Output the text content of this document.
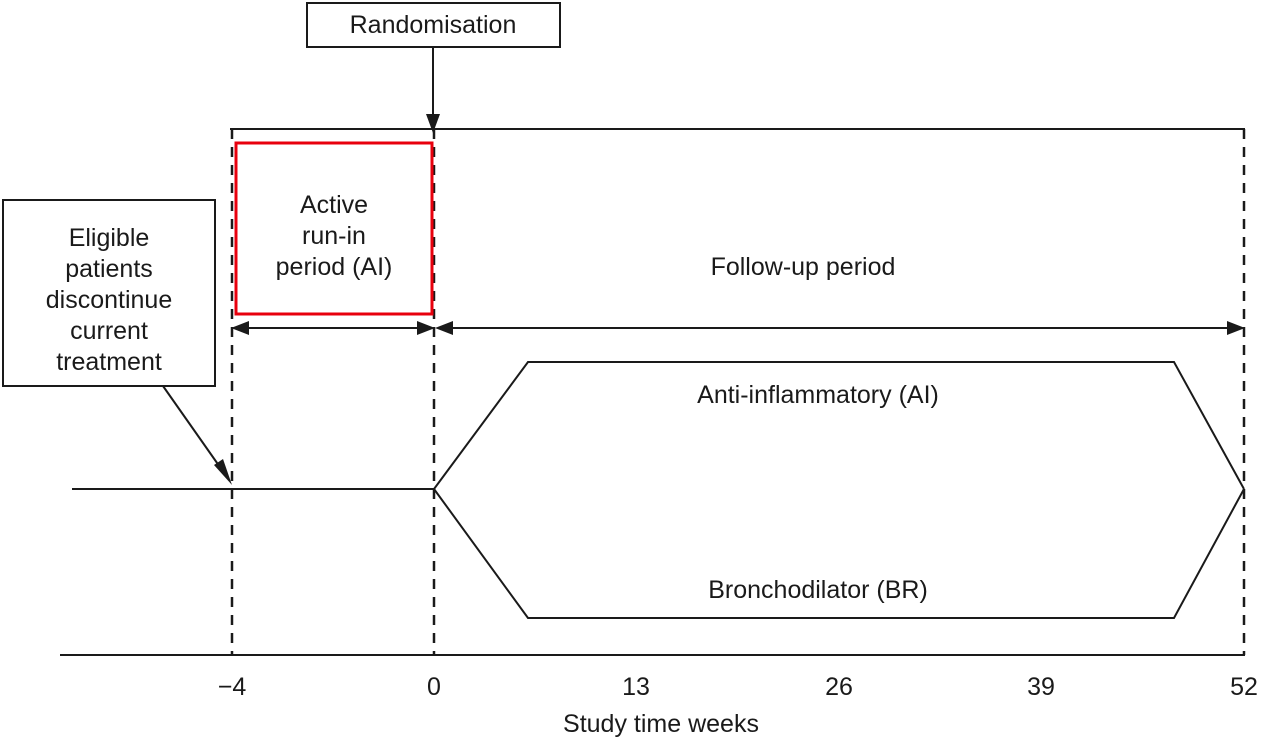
Randomisation
Active
run-in
period (AI)
Eligible
patients
discontinue
current
treatment
Follow-up period
Anti-inflammatory (AI)
Bronchodilator (BR)
−4	0	13	26	39	52
Study time weeks
